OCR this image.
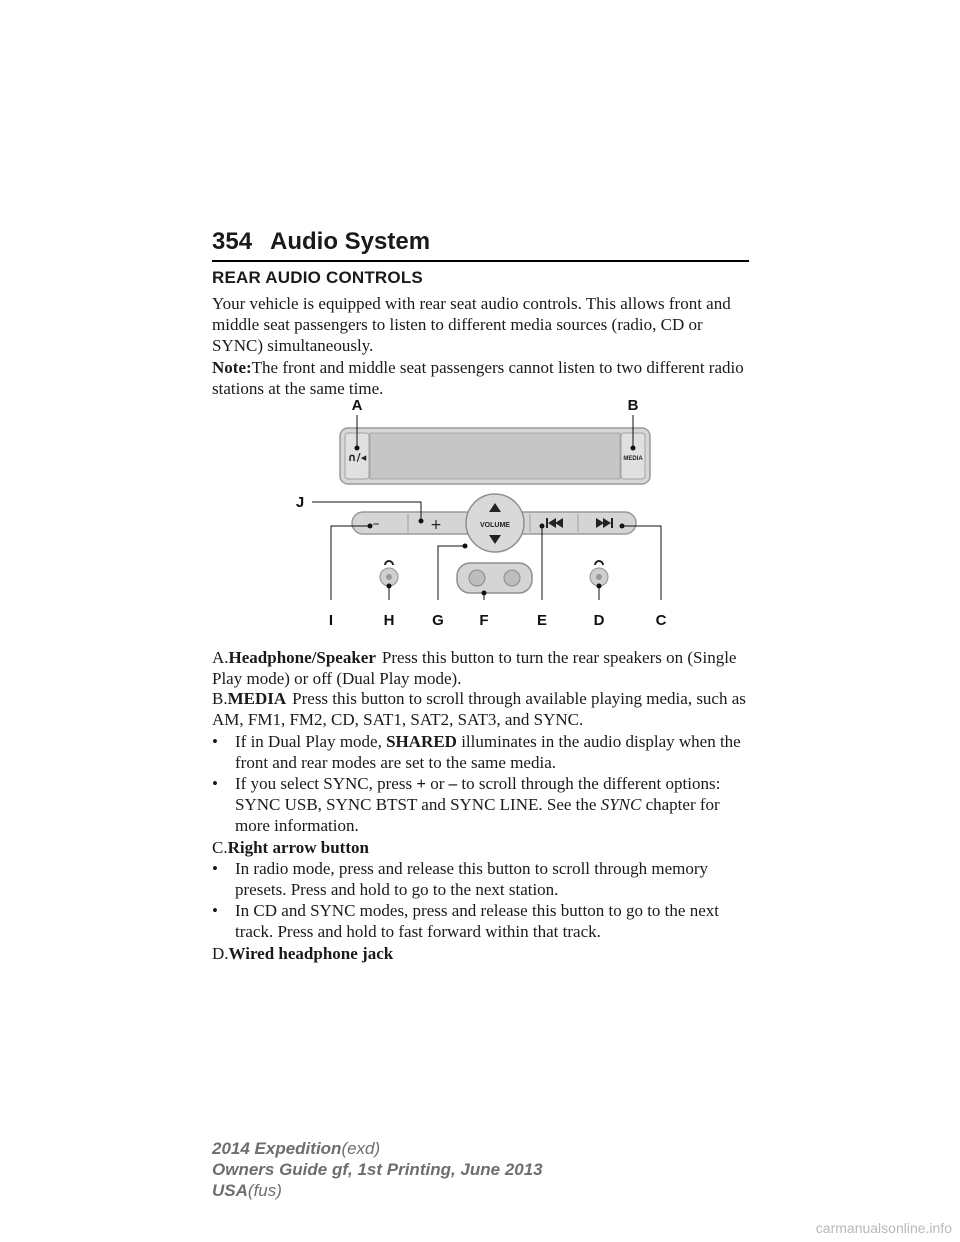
354 Audio System
REAR AUDIO CONTROLS
Your vehicle is equipped with rear seat audio controls. This allows front and middle seat passengers to listen to different media sources (radio, CD or SYNC) simultaneously.
Note:The front and middle seat passengers cannot listen to two different radio stations at the same time.
∩/◂	MEDIA
–	+	VOLUME
A	B
J
I	H	G F	E	D	C
A.Headphone/Speaker Press this button to turn the rear speakers on (Single Play mode) or off (Dual Play mode).
B.MEDIA Press this button to scroll through available playing media, such as AM, FM1, FM2, CD, SAT1, SAT2, SAT3, and SYNC.
• If in Dual Play mode, SHARED illuminates in the audio display when the front and rear modes are set to the same media.
• If you select SYNC, press + or – to scroll through the different options: SYNC USB, SYNC BTST and SYNC LINE. See the SYNC chapter for more information.
C.Right arrow button
• In radio mode, press and release this button to scroll through memory presets. Press and hold to go to the next station.
• In CD and SYNC modes, press and release this button to go to the next track. Press and hold to fast forward within that track.
D.Wired headphone jack
2014 Expedition(exd)
Owners Guide gf, 1st Printing, June 2013
USA(fus)
carmanualsonline.info
